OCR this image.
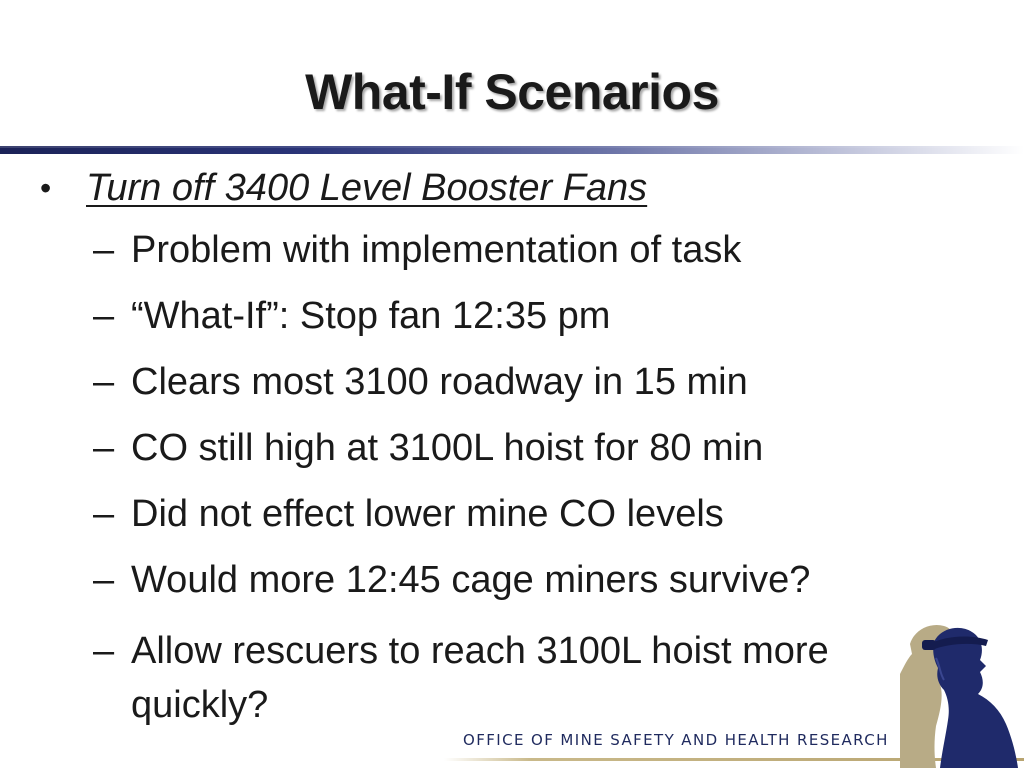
What-If Scenarios
• Turn off 3400 Level Booster Fans
– Problem with implementation of task
– “What-If”: Stop fan 12:35 pm
– Clears most 3100 roadway in 15 min
– CO still high at 3100L hoist for 80 min
– Did not effect lower mine CO levels
– Would more 12:45 cage miners survive?
– Allow rescuers to reach 3100L hoist more quickly?
OFFICE OF MINE SAFETY AND HEALTH RESEARCH
